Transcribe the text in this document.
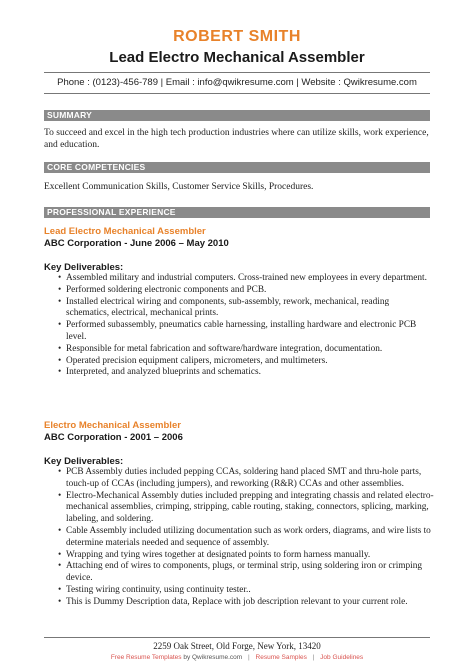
ROBERT SMITH
Lead Electro Mechanical Assembler
Phone : (0123)-456-789 | Email : info@qwikresume.com | Website : Qwikresume.com
SUMMARY
To succeed and excel in the high tech production industries where can utilize skills, work experience, and education.
CORE COMPETENCIES
Excellent Communication Skills, Customer Service Skills, Procedures.
PROFESSIONAL EXPERIENCE
Lead Electro Mechanical Assembler
ABC Corporation - June 2006 – May 2010
Key Deliverables:
• Assembled military and industrial computers. Cross-trained new employees in every department.
• Performed soldering electronic components and PCB.
• Installed electrical wiring and components, sub-assembly, rework, mechanical, reading schematics, electrical, mechanical prints.
• Performed subassembly, pneumatics cable harnessing, installing hardware and electronic PCB level.
• Responsible for metal fabrication and software/hardware integration, documentation.
• Operated precision equipment calipers, micrometers, and multimeters.
• Interpreted, and analyzed blueprints and schematics.
Electro Mechanical Assembler
ABC Corporation - 2001 – 2006
Key Deliverables:
• PCB Assembly duties included pepping CCAs, soldering hand placed SMT and thru-hole parts, touch-up of CCAs (including jumpers), and reworking (R&R) CCAs and other assemblies.
• Electro-Mechanical Assembly duties included prepping and integrating chassis and related electro-mechanical assemblies, crimping, stripping, cable routing, staking, connectors, splicing, marking, labeling, and soldering.
• Cable Assembly included utilizing documentation such as work orders, diagrams, and wire lists to determine materials needed and sequence of assembly.
• Wrapping and tying wires together at designated points to form harness manually.
• Attaching end of wires to components, plugs, or terminal strip, using soldering iron or crimping device.
• Testing wiring continuity, using continuity tester..
• This is Dummy Description data, Replace with job description relevant to your current role.
2259 Oak Street, Old Forge, New York, 13420
Free Resume Templates by Qwikresume.com | Resume Samples | Job Guidelines
